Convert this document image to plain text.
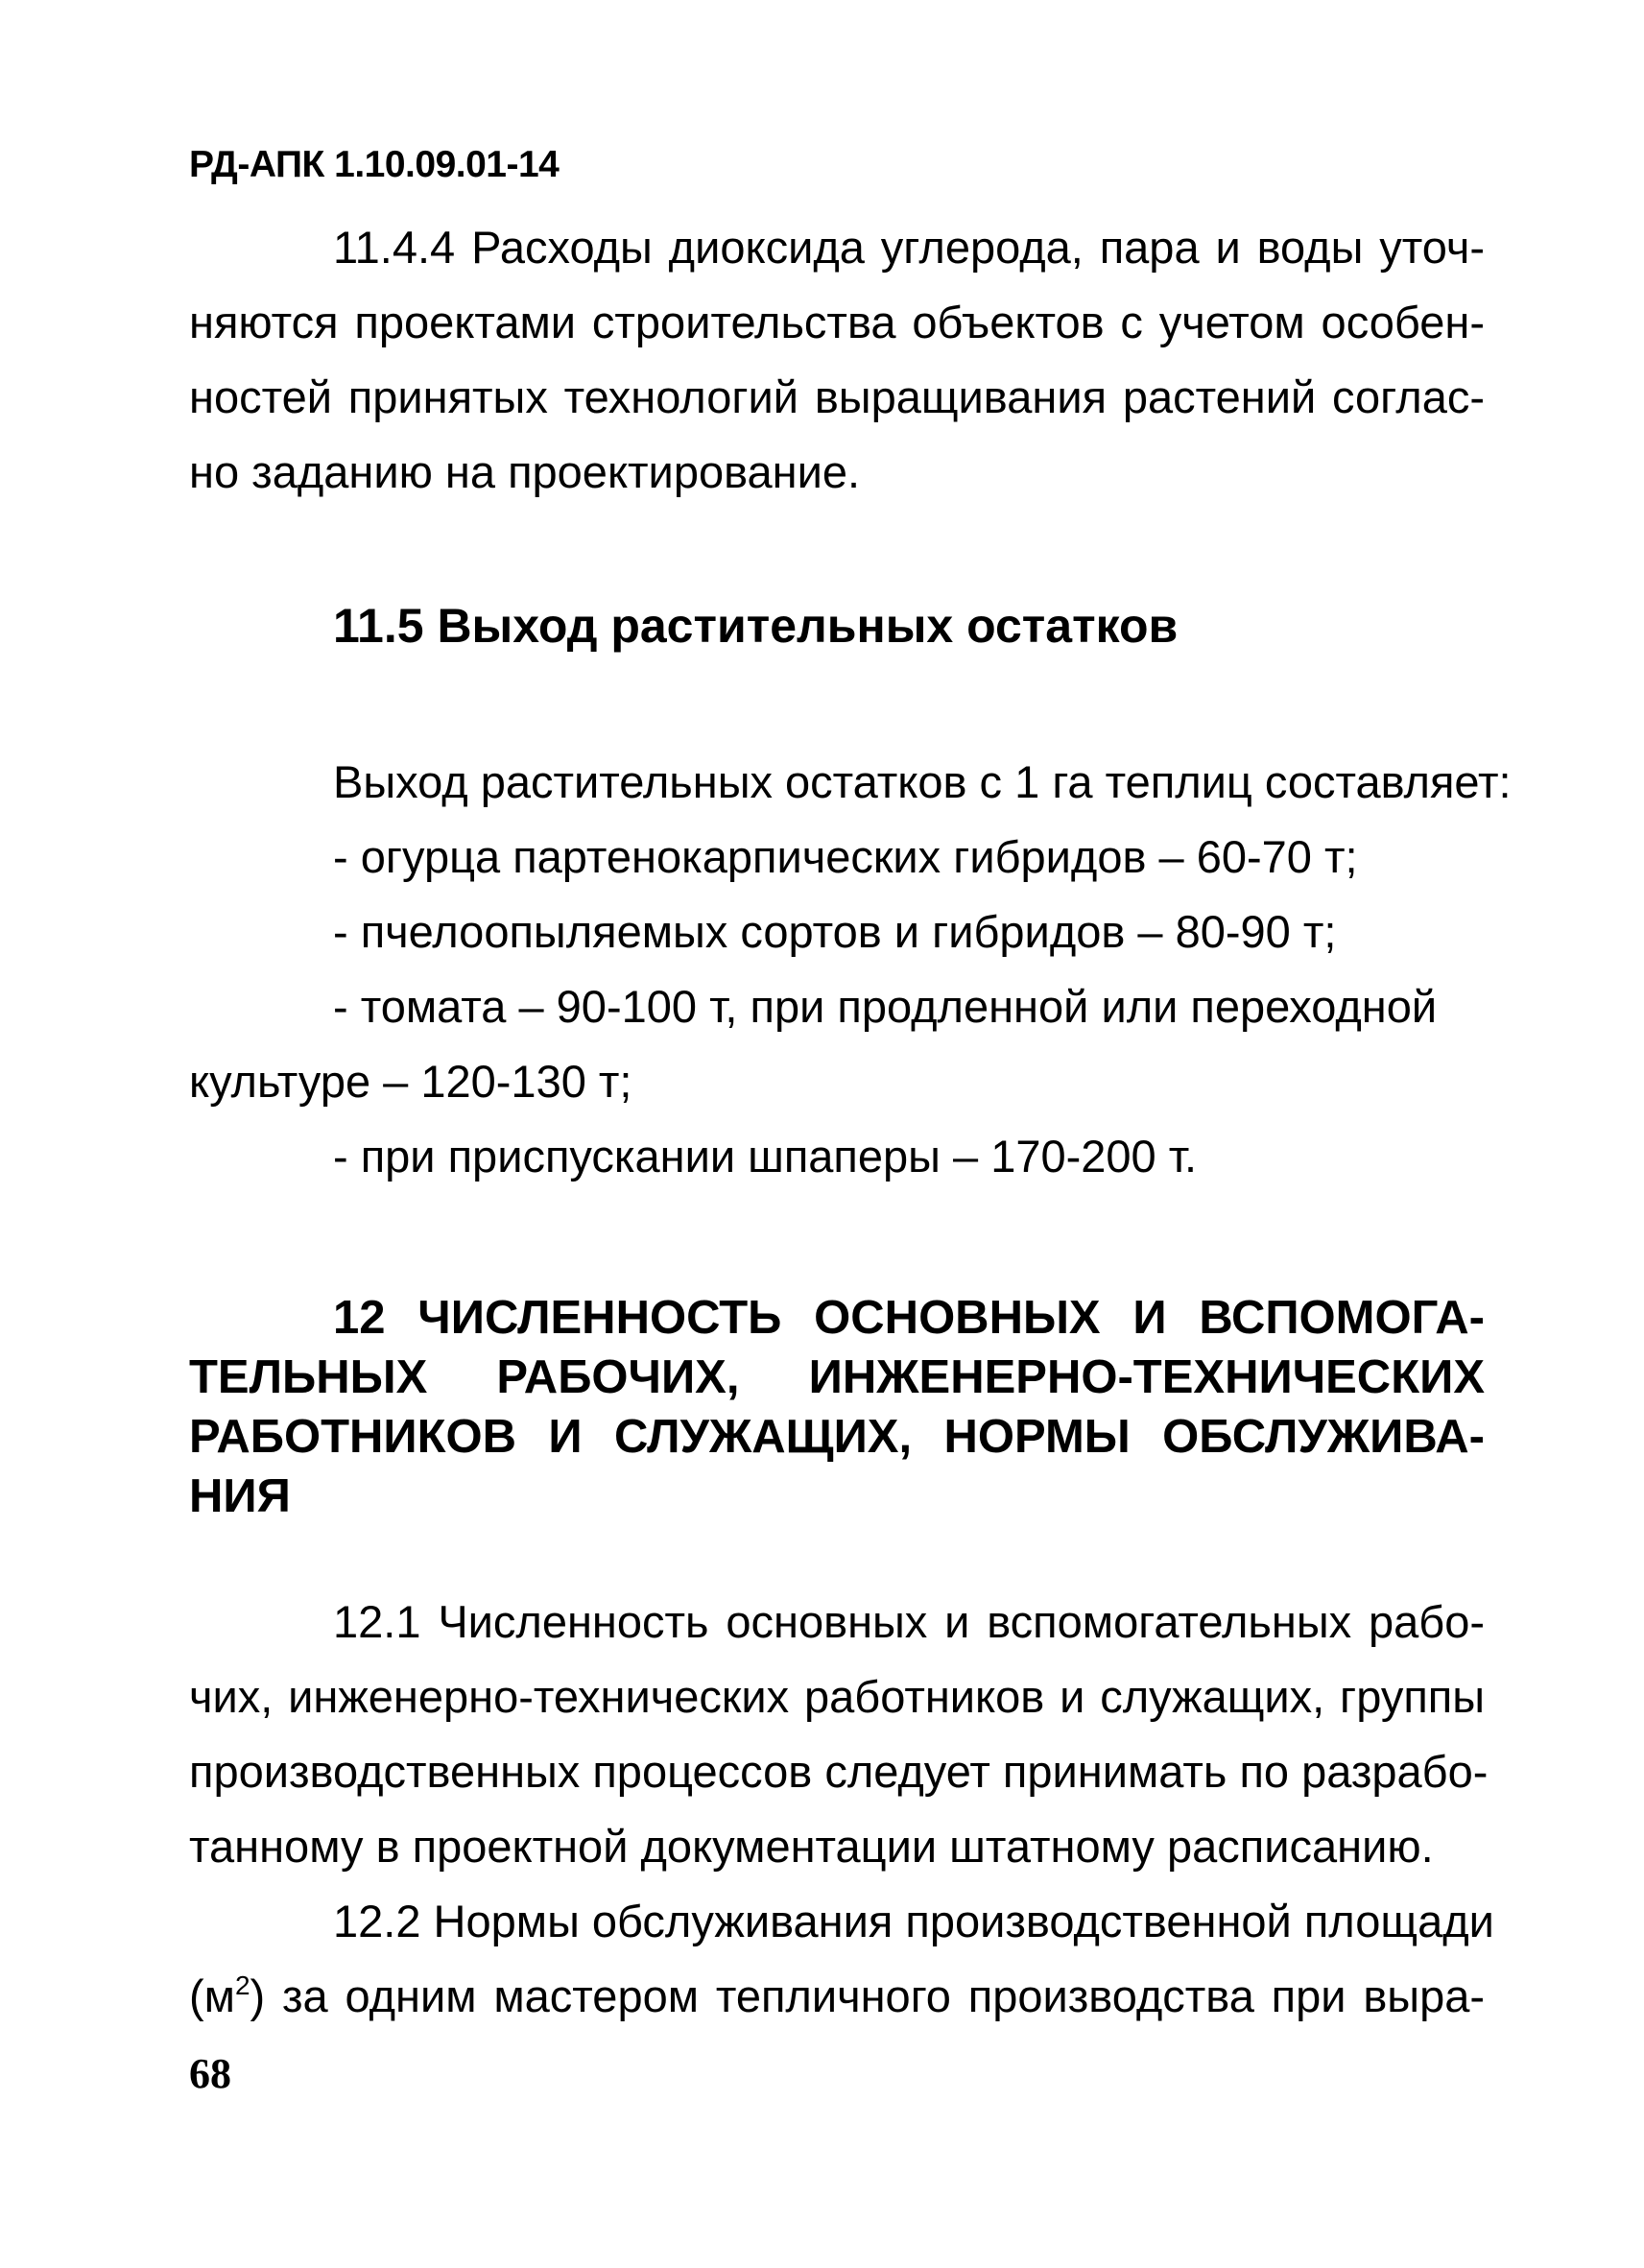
РД-АПК 1.10.09.01-14
11.4.4 Расходы диоксида углерода, пара и воды уточ-
няются проектами строительства объектов с учетом особен-
ностей принятых технологий выращивания растений соглас-
но заданию на проектирование.
11.5 Выход растительных остатков
Выход растительных остатков с 1 га теплиц составляет:
- огурца партенокарпических гибридов – 60-70 т;
- пчелоопыляемых сортов и гибридов – 80-90 т;
- томата – 90-100 т, при продленной или переходной
культуре – 120-130 т;
- при приспускании шпаперы – 170-200 т.
12 ЧИСЛЕННОСТЬ ОСНОВНЫХ И ВСПОМОГА-
ТЕЛЬНЫХ РАБОЧИХ, ИНЖЕНЕРНО-ТЕХНИЧЕСКИХ
РАБОТНИКОВ И СЛУЖАЩИХ, НОРМЫ ОБСЛУЖИВА-
НИЯ
12.1 Численность основных и вспомогательных рабо-
чих, инженерно-технических работников и служащих, группы
производственных процессов следует принимать по разрабо-
танному в проектной документации штатному расписанию.
12.2 Нормы обслуживания производственной площади
($м^2$ ) за одним мастером тепличного производства при выра-
68
